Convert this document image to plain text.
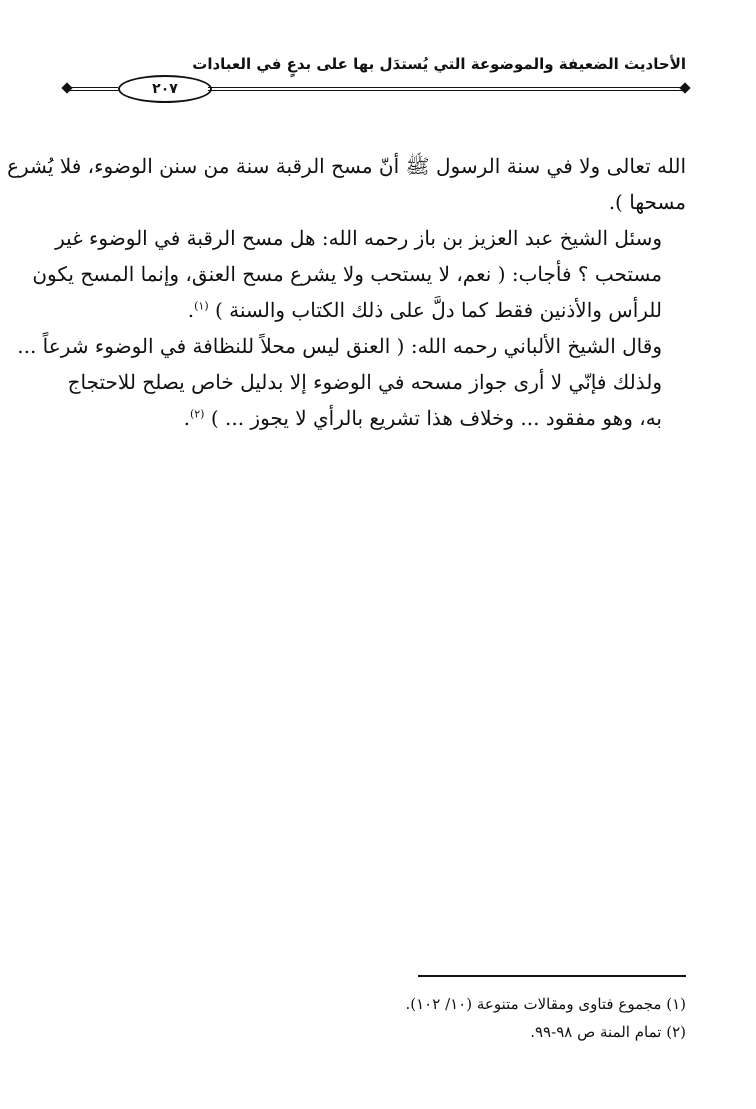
الأحاديث الضعيفة والموضوعة التي يُستدَل بها على بدعٍ في العبادات
٢٠٧

الله تعالى ولا في سنة الرسول ﷺ أنّ مسح الرقبة سنة من سنن الوضوء، فلا يُشرع
مسحها ).

وسئل الشيخ عبد العزيز بن باز رحمه الله: هل مسح الرقبة في الوضوء غير
مستحب ؟ فأجاب: ( نعم، لا يستحب ولا يشرع مسح العنق، وإنما المسح يكون
للرأس والأذنين فقط كما دلَّ على ذلك الكتاب والسنة ) $^{(١)}$.

وقال الشيخ الألباني رحمه الله: ( العنق ليس محلاً للنظافة في الوضوء شرعاً ...
ولذلك فإنّي لا أرى جواز مسحه في الوضوء إلا بدليل خاص يصلح للاحتجاج
به، وهو مفقود ... وخلاف هذا تشريع بالرأي لا يجوز ... ) $^{(٢)}$.

(١) مجموع فتاوى ومقالات متنوعة (١٠/ ١٠٢).

(٢) تمام المنة ص ٩٨-٩٩.
